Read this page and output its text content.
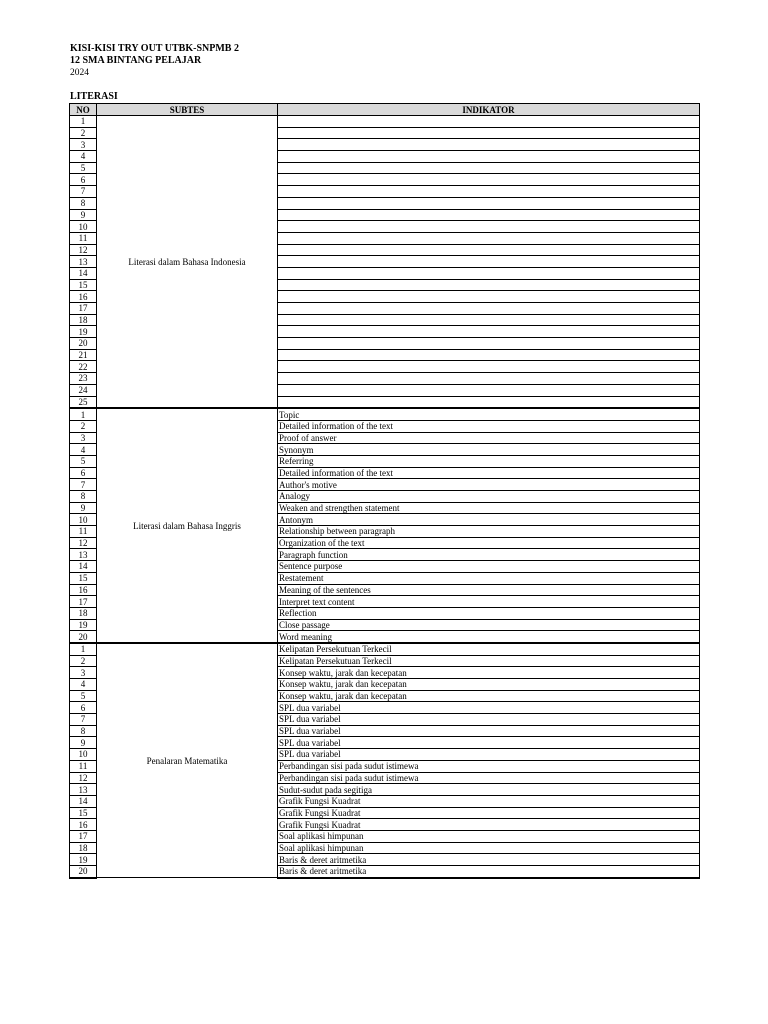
KISI-KISI TRY OUT UTBK-SNPMB 2
12 SMA BINTANG PELAJAR
2024
LITERASI
NO	SUBTES	INDIKATOR
1	Literasi dalam Bahasa Indonesia	
2		
3		
4		
5		
6		
7		
8		
9		
10		
11		
12		
13		
14		
15		
16		
17		
18		
19		
20		
21		
22		
23		
24		
25		
1	Literasi dalam Bahasa Inggris	Topic
2		Detailed information of the text
3		Proof of answer
4		Synonym
5		Referring
6		Detailed information of the text
7		Author's motive
8		Analogy
9		Weaken and strengthen statement
10		Antonym
11		Relationship between paragraph
12		Organization of the text
13		Paragraph function
14		Sentence purpose
15		Restatement
16		Meaning of the sentences
17		Interpret text content
18		Reflection
19		Close passage
20		Word meaning
1	Penalaran Matematika	Kelipatan Persekutuan Terkecil
2		Kelipatan Persekutuan Terkecil
3		Konsep waktu, jarak dan kecepatan
4		Konsep waktu, jarak dan kecepatan
5		Konsep waktu, jarak dan kecepatan
6		SPL dua variabel
7		SPL dua variabel
8		SPL dua variabel
9		SPL dua variabel
10		SPL dua variabel
11		Perbandingan sisi pada sudut istimewa
12		Perbandingan sisi pada sudut istimewa
13		Sudut-sudut pada segitiga
14		Grafik Fungsi Kuadrat
15		Grafik Fungsi Kuadrat
16		Grafik Fungsi Kuadrat
17		Soal aplikasi himpunan
18		Soal aplikasi himpunan
19		Baris & deret aritmetika
20		Baris & deret aritmetika
